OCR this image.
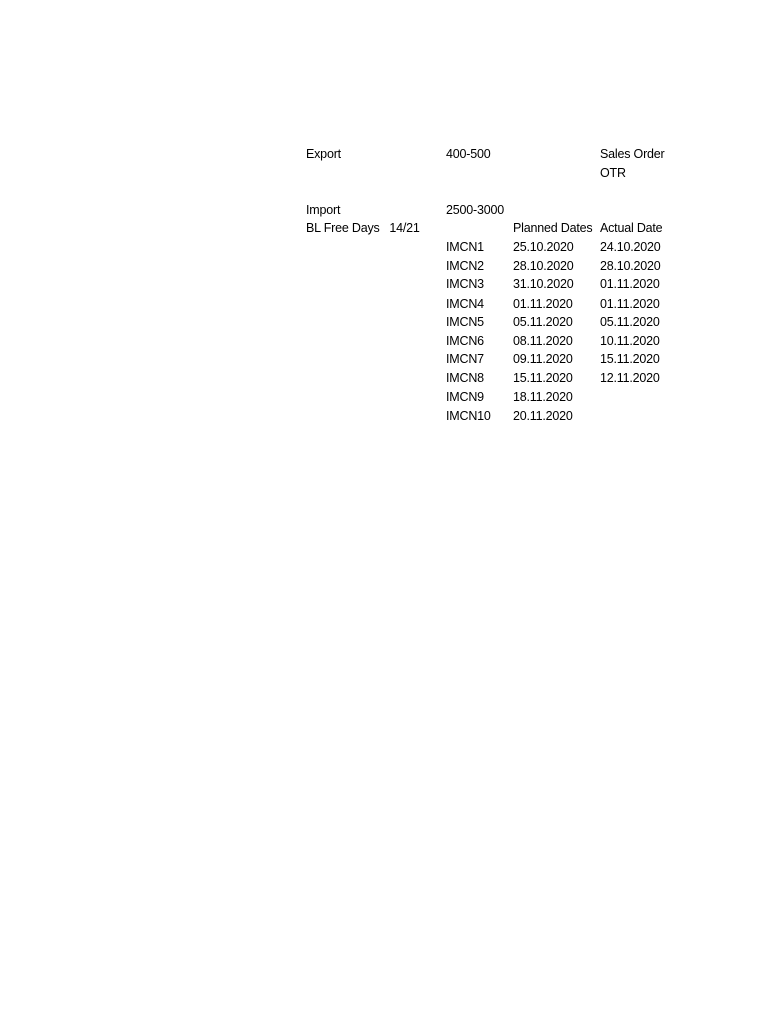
Export	400-500	Sales Order
OTR
Import	2500-3000
BL Free Days   14/21	Planned Dates Actual Date
IMCN1 25.10.2020 24.10.2020
IMCN2 28.10.2020 28.10.2020
IMCN3 31.10.2020 01.11.2020
IMCN4 01.11.2020 01.11.2020
IMCN5 05.11.2020 05.11.2020
IMCN6 08.11.2020 10.11.2020
IMCN7 09.11.2020 15.11.2020
IMCN8 15.11.2020 12.11.2020
IMCN9 18.11.2020
IMCN10 20.11.2020
